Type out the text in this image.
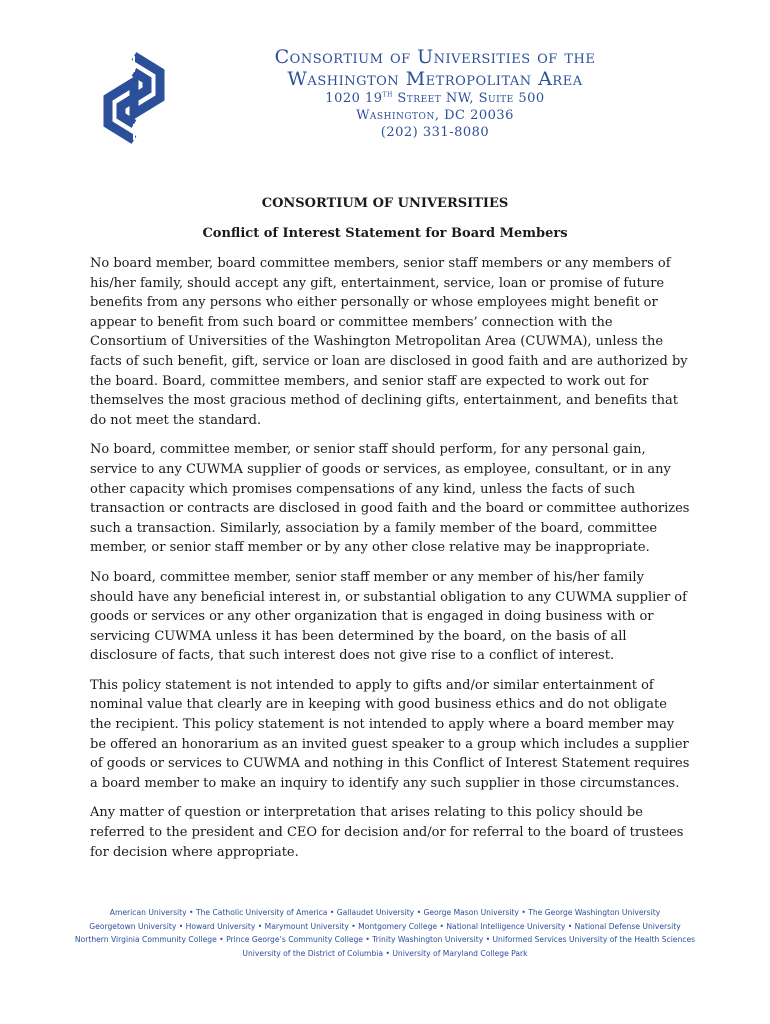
Consortium of Universities of the
Washington Metropolitan Area
1020 19th Street NW, Suite 500
Washington, DC 20036
(202) 331-8080
CONSORTIUM OF UNIVERSITIES
Conflict of Interest Statement for Board Members

No board member, board committee members, senior staff members or any members of his/her family, should accept any gift, entertainment, service, loan or promise of future benefits from any persons who either personally or whose employees might benefit or appear to benefit from such board or committee members’ connection with the Consortium of Universities of the Washington Metropolitan Area (CUWMA), unless the facts of such benefit, gift, service or loan are disclosed in good faith and are authorized by the board. Board, committee members, and senior staff are expected to work out for themselves the most gracious method of declining gifts, entertainment, and benefits that do not meet the standard.

No board, committee member, or senior staff should perform, for any personal gain, service to any CUWMA supplier of goods or services, as employee, consultant, or in any other capacity which promises compensations of any kind, unless the facts of such transaction or contracts are disclosed in good faith and the board or committee authorizes such a transaction. Similarly, association by a family member of the board, committee member, or senior staff member or by any other close relative may be inappropriate.

No board, committee member, senior staff member or any member of his/her family should have any beneficial interest in, or substantial obligation to any CUWMA supplier of goods or services or any other organization that is engaged in doing business with or servicing CUWMA unless it has been determined by the board, on the basis of all disclosure of facts, that such interest does not give rise to a conflict of interest.

This policy statement is not intended to apply to gifts and/or similar entertainment of nominal value that clearly are in keeping with good business ethics and do not obligate the recipient. This policy statement is not intended to apply where a board member may be offered an honorarium as an invited guest speaker to a group which includes a supplier of goods or services to CUWMA and nothing in this Conflict of Interest Statement requires a board member to make an inquiry to identify any such supplier in those circumstances.

Any matter of question or interpretation that arises relating to this policy should be referred to the president and CEO for decision and/or for referral to the board of trustees for decision where appropriate.

American University • The Catholic University of America • Gallaudet University • George Mason University • The George Washington University
Georgetown University • Howard University • Marymount University • Montgomery College • National Intelligence University • National Defense University
Northern Virginia Community College • Prince George’s Community College • Trinity Washington University • Uniformed Services University of the Health Sciences
University of the District of Columbia • University of Maryland College Park
